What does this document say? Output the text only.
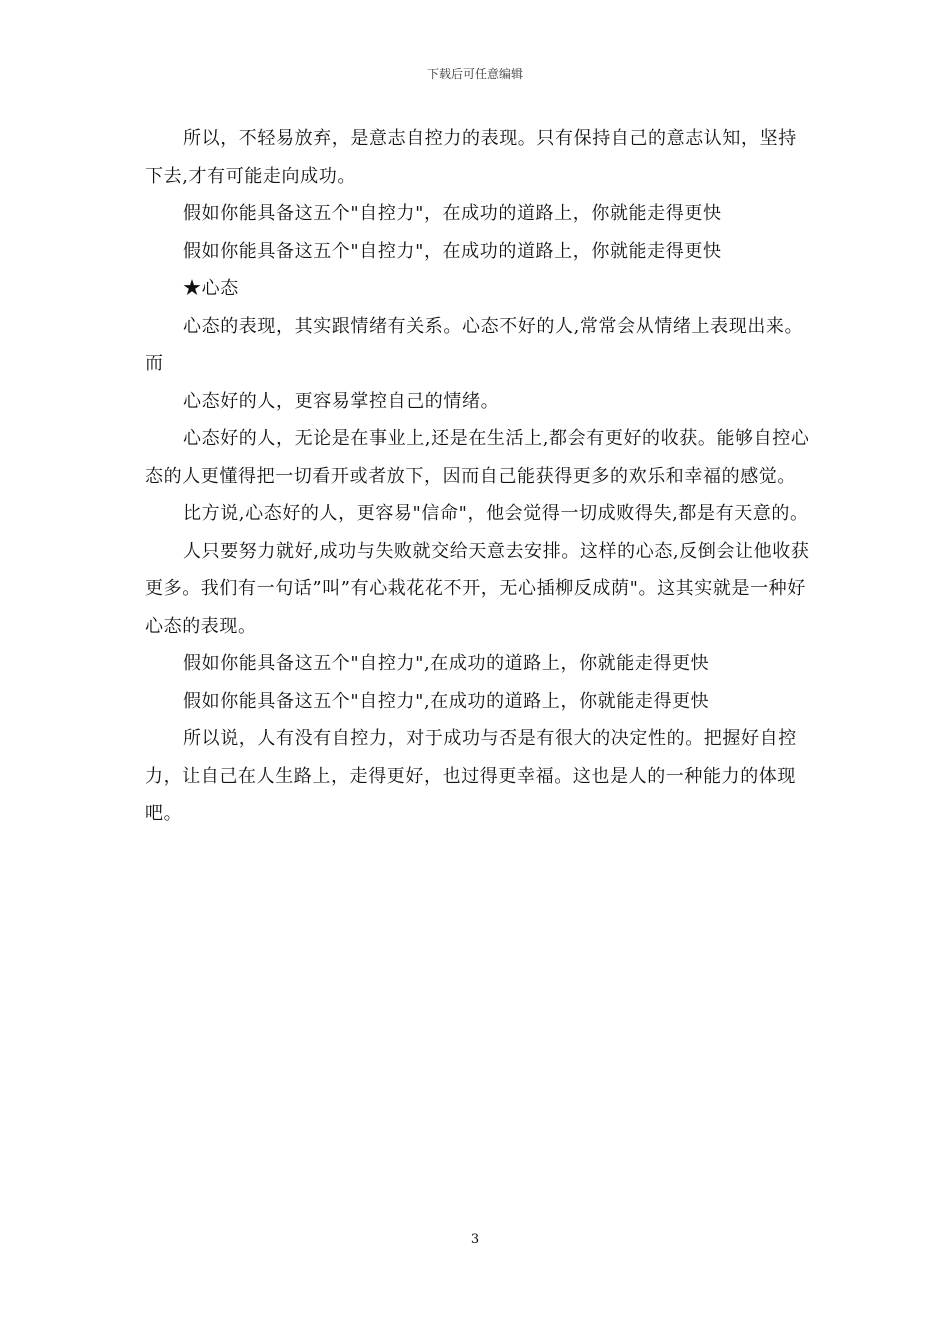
下载后可任意编辑

所以，不轻易放弃，是意志自控力的表现。只有保持自己的意志认知，坚持下去,才有可能走向成功。

假如你能具备这五个"自控力"，在成功的道路上，你就能走得更快

假如你能具备这五个"自控力"，在成功的道路上，你就能走得更快

★心态

心态的表现，其实跟情绪有关系。心态不好的人,常常会从情绪上表现出来。而

心态好的人，更容易掌控自己的情绪。

心态好的人，无论是在事业上,还是在生活上,都会有更好的收获。能够自控心态的人更懂得把一切看开或者放下，因而自己能获得更多的欢乐和幸福的感觉。

比方说,心态好的人，更容易"信命"，他会觉得一切成败得失,都是有天意的。

人只要努力就好,成功与失败就交给天意去安排。这样的心态,反倒会让他收获更多。我们有一句话”叫”有心栽花花不开，无心插柳反成荫"。这其实就是一种好心态的表现。

假如你能具备这五个"自控力",在成功的道路上，你就能走得更快

假如你能具备这五个"自控力",在成功的道路上，你就能走得更快

所以说，人有没有自控力，对于成功与否是有很大的决定性的。把握好自控力，让自己在人生路上，走得更好，也过得更幸福。这也是人的一种能力的体现吧。

3
